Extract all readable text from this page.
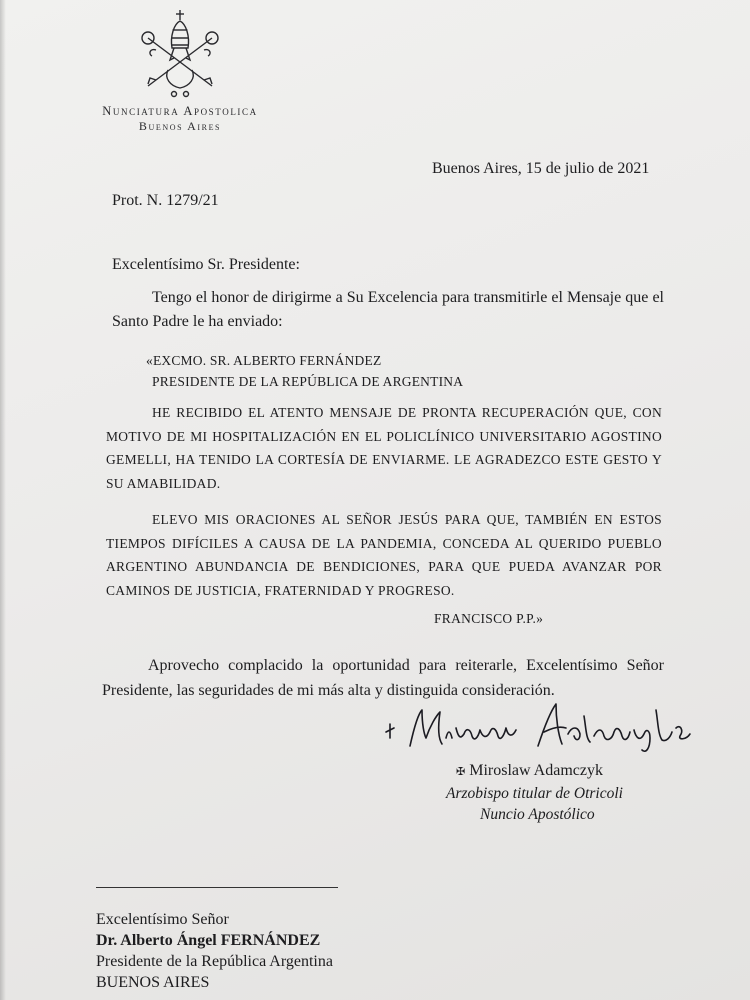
Nunciatura Apostolica
Buenos Aires
Buenos Aires, 15 de julio de 2021
Prot. N. 1279/21
Excelentísimo Sr. Presidente:
Tengo el honor de dirigirme a Su Excelencia para transmitirle el Mensaje que el Santo Padre le ha enviado:
«EXCMO. SR. ALBERTO FERNÁNDEZ
PRESIDENTE DE LA REPÚBLICA DE ARGENTINA
HE RECIBIDO EL ATENTO MENSAJE DE PRONTA RECUPERACIÓN QUE, CON MOTIVO DE MI HOSPITALIZACIÓN EN EL POLICLÍNICO UNIVERSITARIO AGOSTINO GEMELLI, HA TENIDO LA CORTESÍA DE ENVIARME. LE AGRADEZCO ESTE GESTO Y SU AMABILIDAD.
ELEVO MIS ORACIONES AL SEÑOR JESÚS PARA QUE, TAMBIÉN EN ESTOS TIEMPOS DIFÍCILES A CAUSA DE LA PANDEMIA, CONCEDA AL QUERIDO PUEBLO ARGENTINO ABUNDANCIA DE BENDICIONES, PARA QUE PUEDA AVANZAR POR CAMINOS DE JUSTICIA, FRATERNIDAD Y PROGRESO.
FRANCISCO P.P.»
Aprovecho complacido la oportunidad para reiterarle, Excelentísimo Señor Presidente, las seguridades de mi más alta y distinguida consideración.
✠ Miroslaw Adamczyk
Arzobispo titular de Otricoli
Nuncio Apostólico
Excelentísimo Señor
Dr. Alberto Ángel FERNÁNDEZ
Presidente de la República Argentina
BUENOS AIRES
